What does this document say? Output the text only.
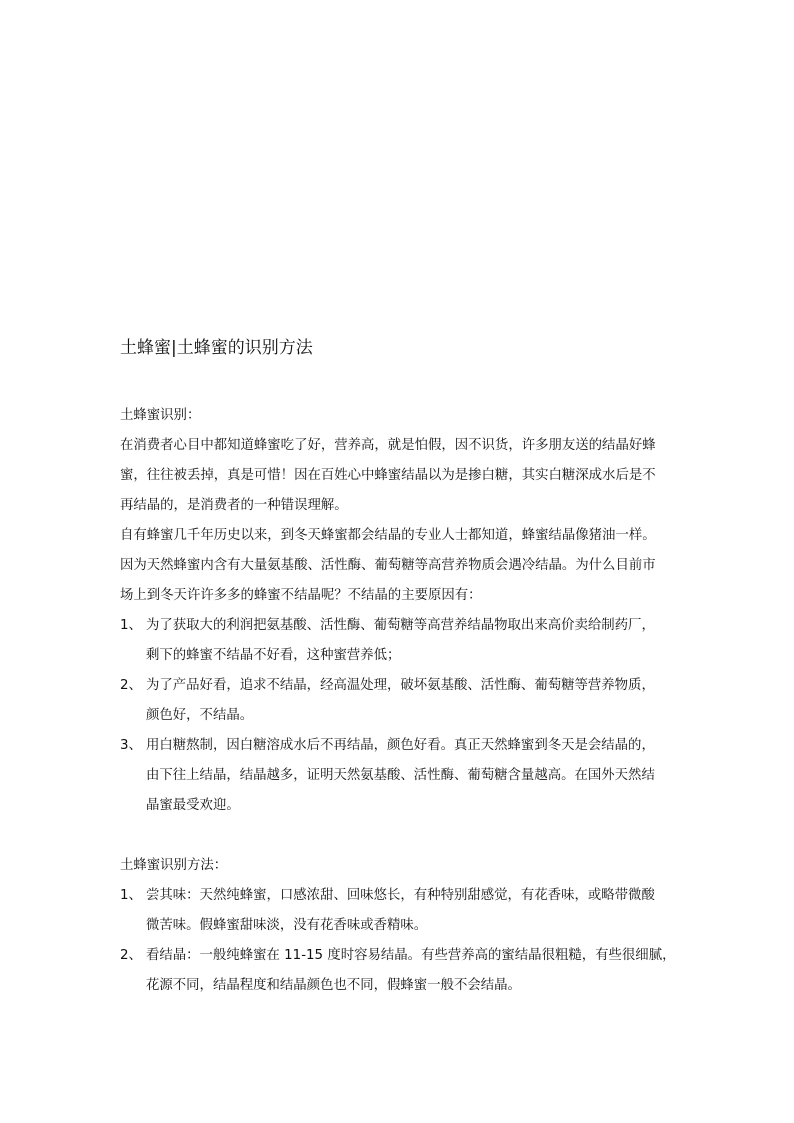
土蜂蜜|土蜂蜜的识别方法
土蜂蜜识别：
在消费者心目中都知道蜂蜜吃了好，营养高，就是怕假，因不识货，许多朋友送的结晶好蜂
蜜，往往被丢掉，真是可惜！因在百姓心中蜂蜜结晶以为是掺白糖，其实白糖深成水后是不
再结晶的，是消费者的一种错误理解。
自有蜂蜜几千年历史以来，到冬天蜂蜜都会结晶的专业人士都知道，蜂蜜结晶像猪油一样。
因为天然蜂蜜内含有大量氨基酸、活性酶、葡萄糖等高营养物质会遇冷结晶。为什么目前市
场上到冬天许许多多的蜂蜜不结晶呢？不结晶的主要原因有：
1、 为了获取大的利润把氨基酸、活性酶、葡萄糖等高营养结晶物取出来高价卖给制药厂，
剩下的蜂蜜不结晶不好看，这种蜜营养低；
2、 为了产品好看，追求不结晶，经高温处理，破坏氨基酸、活性酶、葡萄糖等营养物质，
颜色好，不结晶。
3、 用白糖熬制，因白糖溶成水后不再结晶，颜色好看。真正天然蜂蜜到冬天是会结晶的，
由下往上结晶，结晶越多，证明天然氨基酸、活性酶、葡萄糖含量越高。在国外天然结
晶蜜最受欢迎。
土蜂蜜识别方法：
1、 尝其味：天然纯蜂蜜，口感浓甜、回味悠长，有种特别甜感觉，有花香味，或略带微酸
微苦味。假蜂蜜甜味淡，没有花香味或香精味。
2、 看结晶：一般纯蜂蜜在 11-15 度时容易结晶。有些营养高的蜜结晶很粗糙，有些很细腻，
花源不同，结晶程度和结晶颜色也不同，假蜂蜜一般不会结晶。
